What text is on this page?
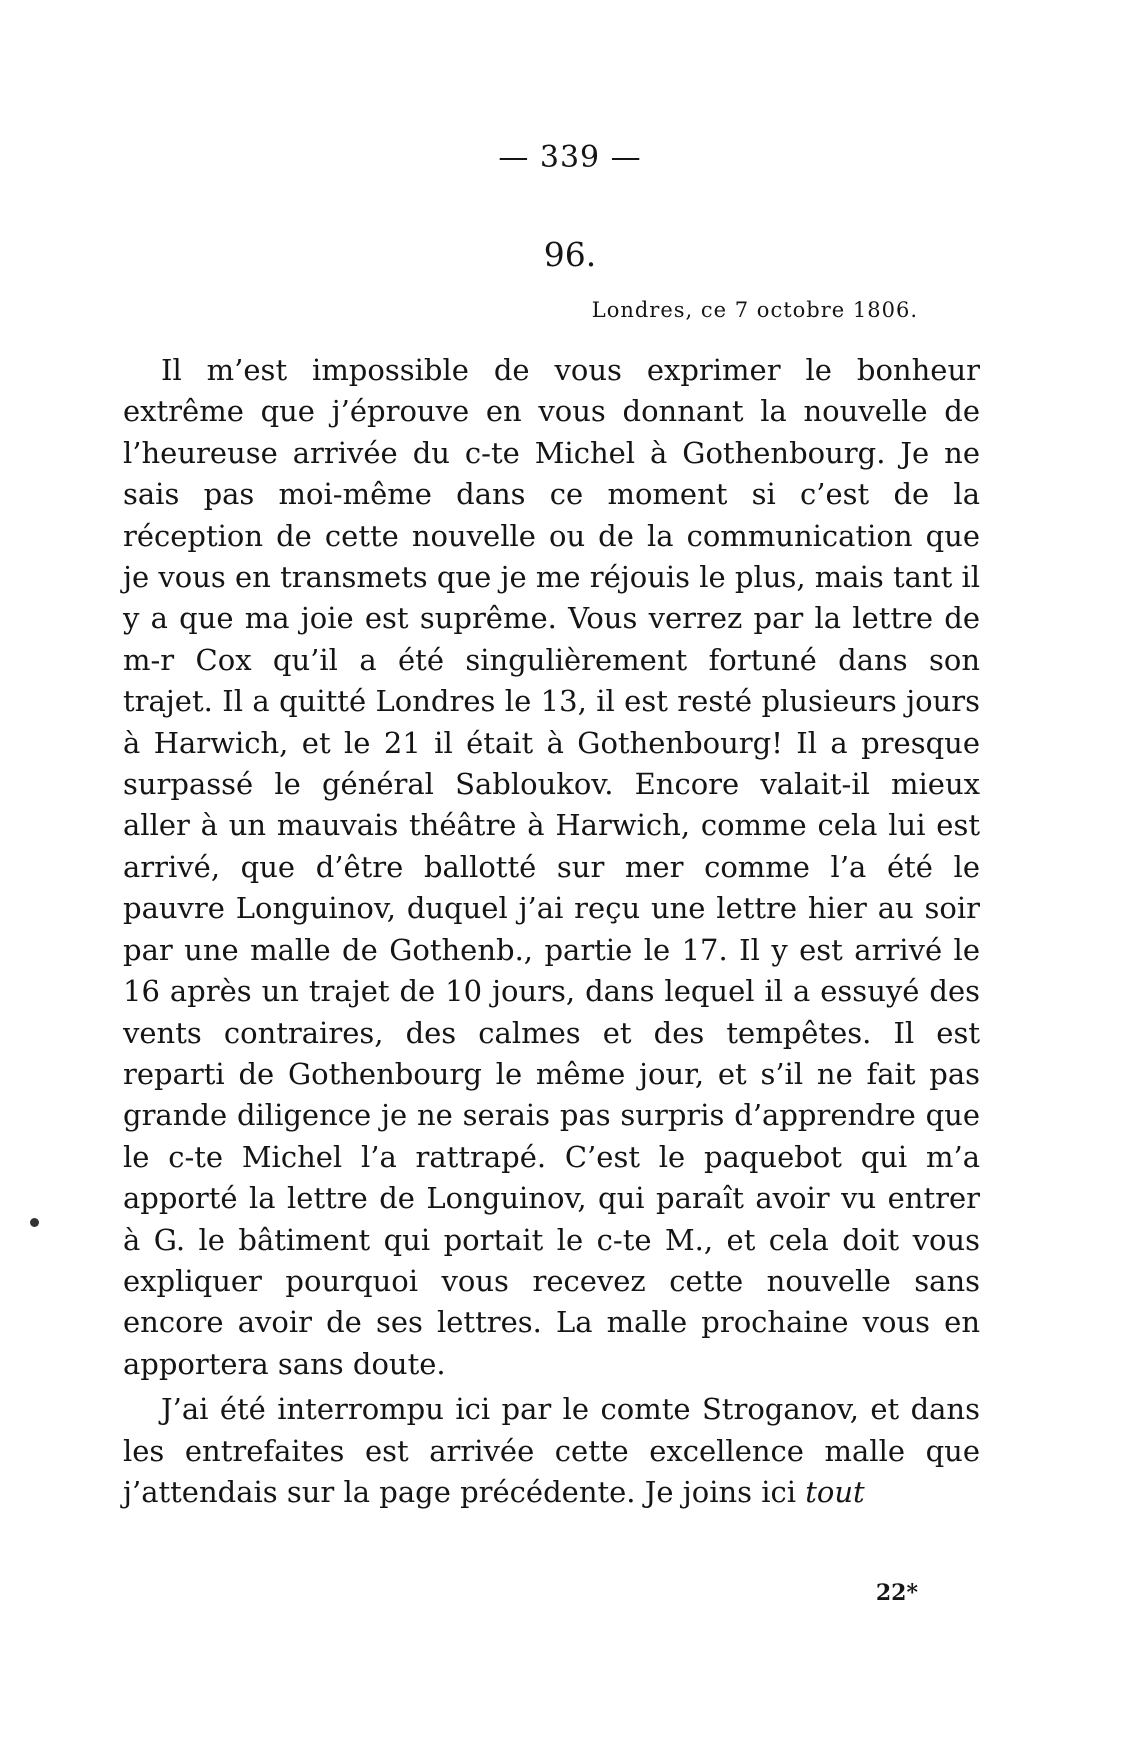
— 339 —
96.
Londres, ce 7 octobre 1806.

Il m’est impossible de vous exprimer le bonheur extrême que j’éprouve en vous donnant la nouvelle de l’heureuse arrivée du c-te Michel à Gothenbourg. Je ne sais pas moi-même dans ce moment si c’est de la réception de cette nouvelle ou de la communication que je vous en transmets que je me réjouis le plus, mais tant il y a que ma joie est suprême. Vous verrez par la lettre de m-r Cox qu’il a été singulièrement fortuné dans son trajet. Il a quitté Londres le 13, il est resté plusieurs jours à Harwich, et le 21 il était à Gothenbourg! Il a presque surpassé le général Sabloukov. Encore valait-il mieux aller à un mauvais théâtre à Harwich, comme cela lui est arrivé, que d’être ballotté sur mer comme l’a été le pauvre Longuinov, duquel j’ai reçu une lettre hier au soir par une malle de Gothenb., partie le 17. Il y est arrivé le 16 après un trajet de 10 jours, dans lequel il a essuyé des vents contraires, des calmes et des tempêtes. Il est reparti de Gothenbourg le même jour, et s’il ne fait pas grande diligence je ne serais pas surpris d’apprendre que le c-te Michel l’a rattrapé. C’est le paquebot qui m’a apporté la lettre de Longuinov, qui paraît avoir vu entrer à G. le bâtiment qui portait le c-te M., et cela doit vous expliquer pourquoi vous recevez cette nouvelle sans encore avoir de ses lettres. La malle prochaine vous en apportera sans doute.

J’ai été interrompu ici par le comte Stroganov, et dans les entrefaites est arrivée cette excellence malle que j’attendais sur la page précédente. Je joins ici tout

22*
